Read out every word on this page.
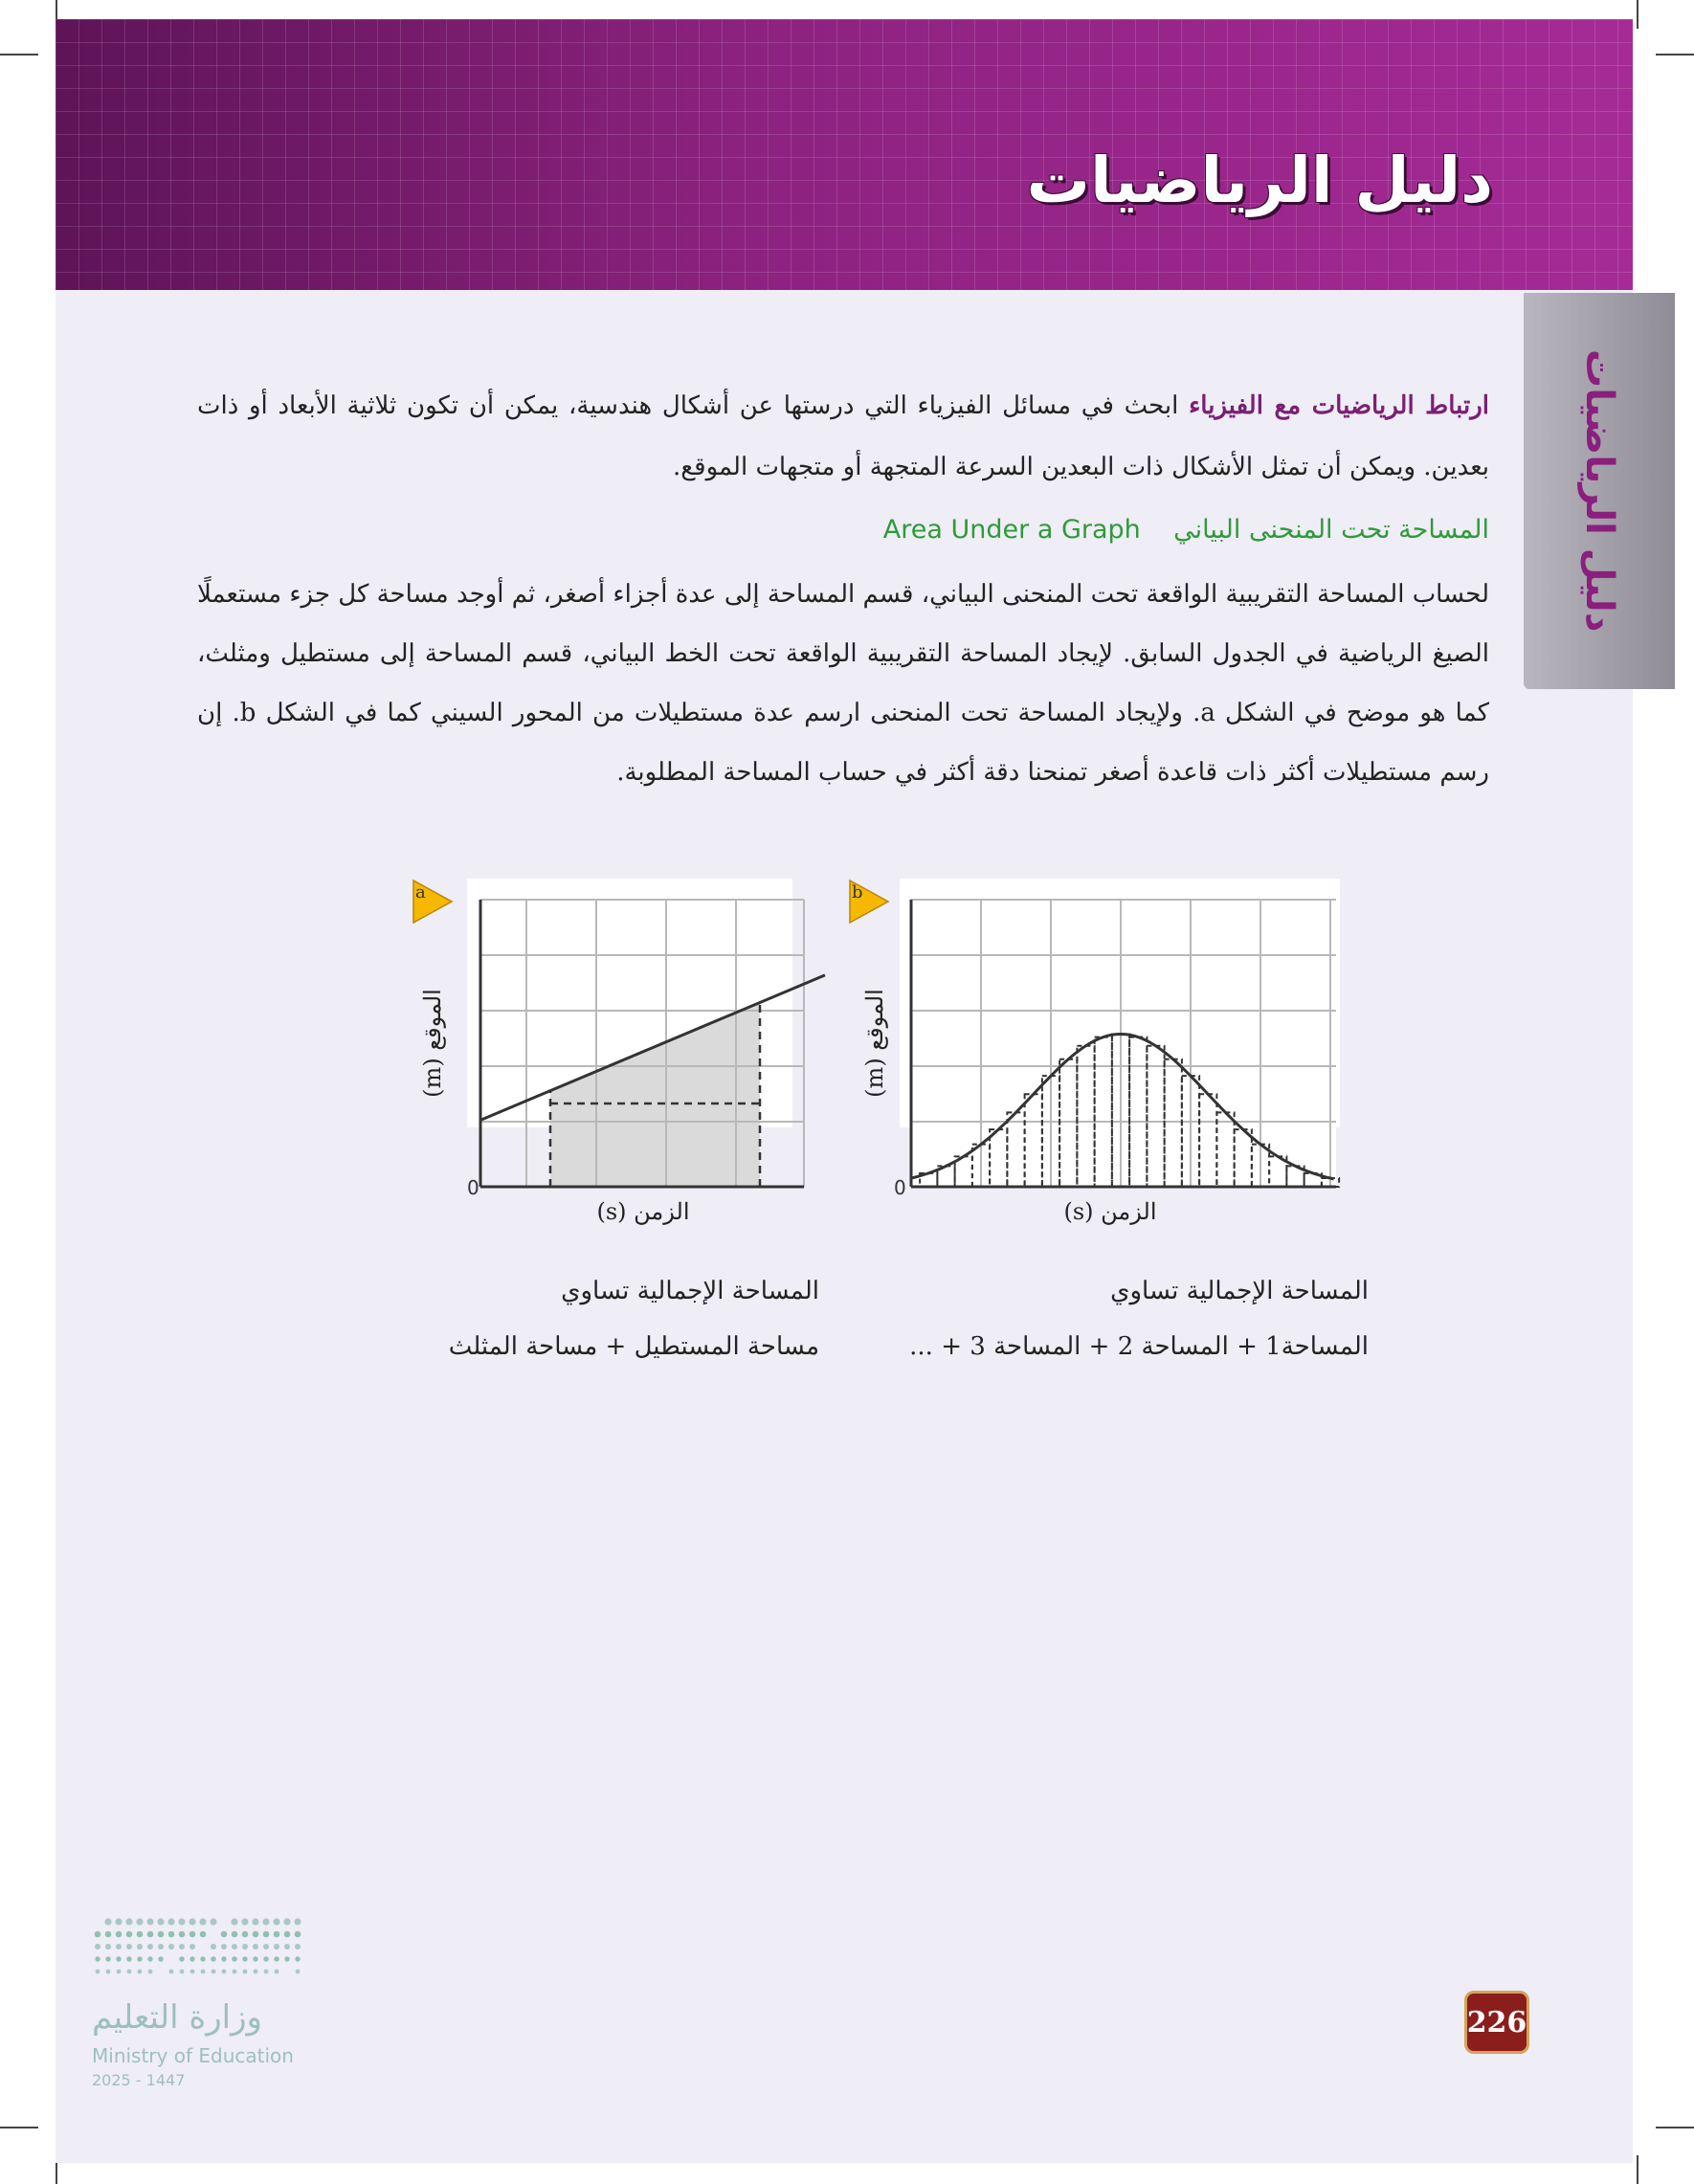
دليل الرياضيات
دليل الرياضيات
ارتباط الرياضيات مع الفيزياء ابحث في مسائل الفيزياء التي درستها عن أشكال هندسية، يمكن أن تكون ثلاثية الأبعاد أو ذات بعدين. ويمكن أن تمثل الأشكال ذات البعدين السرعة المتجهة أو متجهات الموقع.
المساحة تحت المنحنى البياني    Area Under a Graph
لحساب المساحة التقريبية الواقعة تحت المنحنى البياني، قسم المساحة إلى عدة أجزاء أصغر، ثم أوجد مساحة كل جزء مستعملًا الصيغ الرياضية في الجدول السابق. لإيجاد المساحة التقريبية الواقعة تحت الخط البياني، قسم المساحة إلى مستطيل ومثلث، كما هو موضح في الشكل a. ولإيجاد المساحة تحت المنحنى ارسم عدة مستطيلات من المحور السيني كما في الشكل b. إن رسم مستطيلات أكثر ذات قاعدة أصغر تمنحنا دقة أكثر في حساب المساحة المطلوبة.
0
a
الموقع (m)
الزمن (s)
0
b
الموقع (m)
الزمن (s)
المساحة الإجمالية تساوي
مساحة المستطيل + مساحة المثلث
المساحة الإجمالية تساوي
المساحة1 + المساحة 2 + المساحة 3 + ...
وزارة التعليم
Ministry of Education
2025 - 1447
226
